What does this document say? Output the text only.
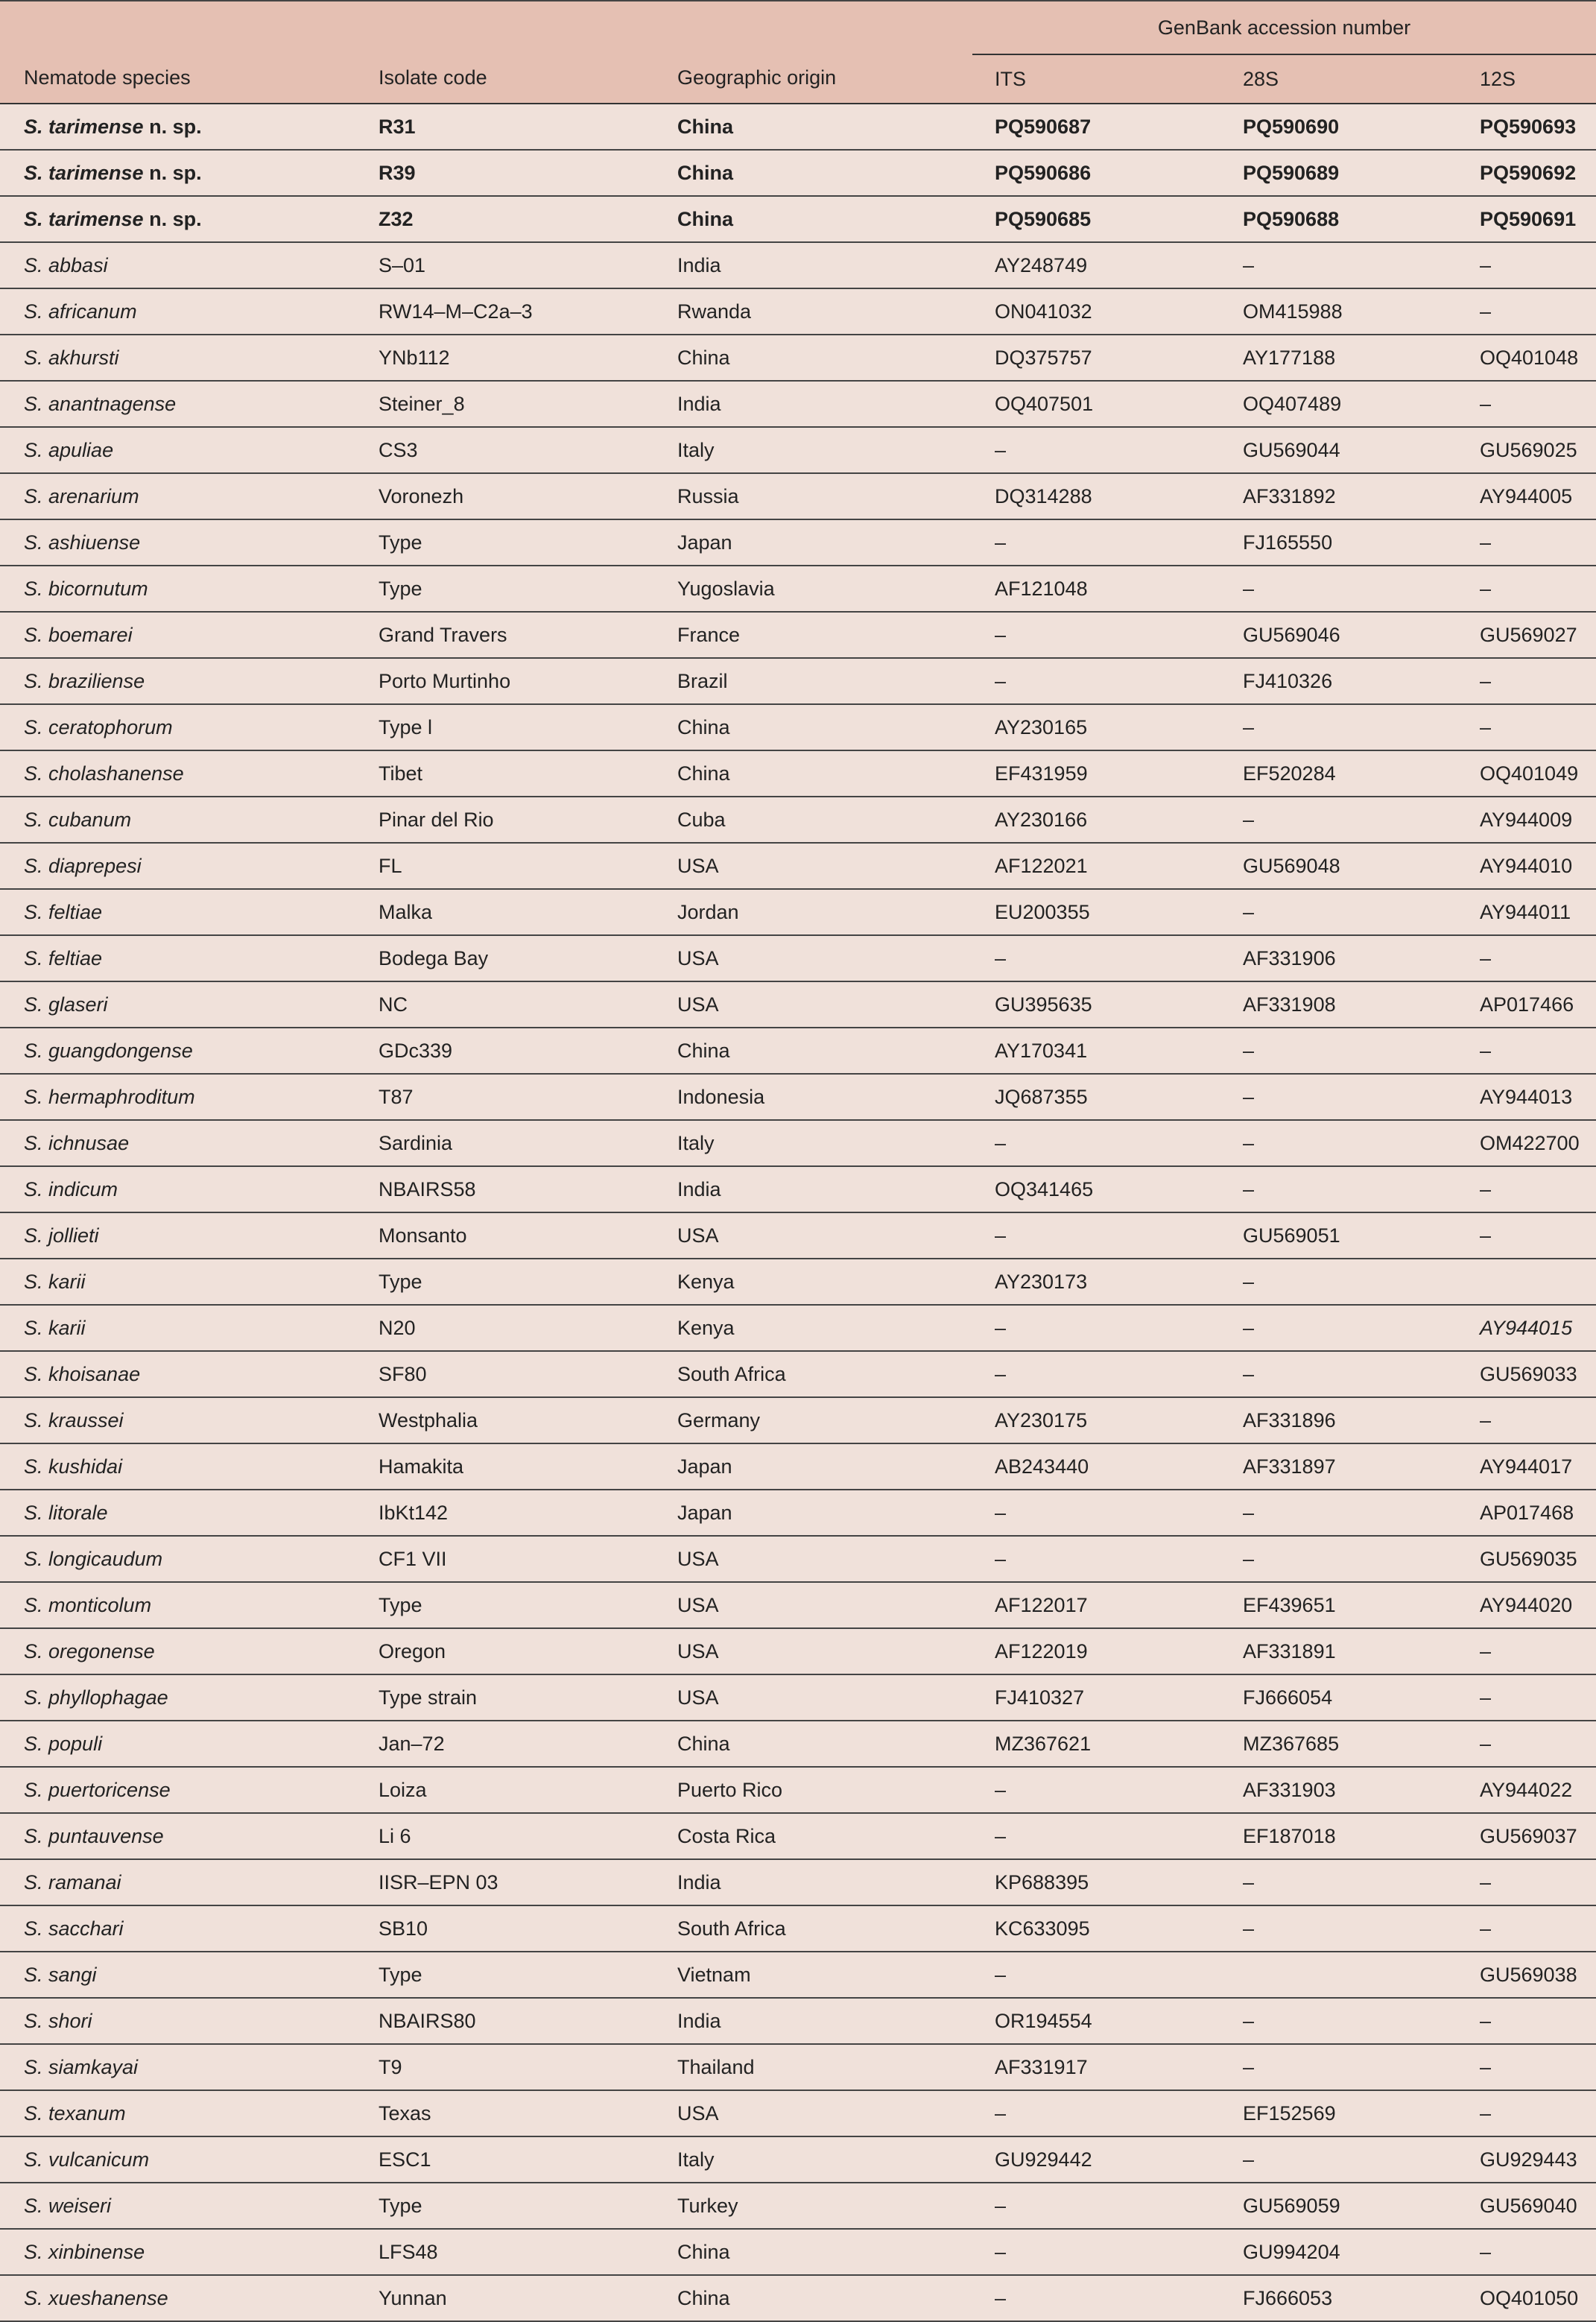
Nematode species	Isolate code	Geographic origin	GenBank accession number		
			ITS	28S	12S
S. tarimense n. sp.	R31	China	PQ590687	PQ590690	PQ590693
S. tarimense n. sp.	R39	China	PQ590686	PQ590689	PQ590692
S. tarimense n. sp.	Z32	China	PQ590685	PQ590688	PQ590691
S. abbasi	S–01	India	AY248749	–	–
S. africanum	RW14–M–C2a–3	Rwanda	ON041032	OM415988	–
S. akhursti	YNb112	China	DQ375757	AY177188	OQ401048
S. anantnagense	Steiner_8	India	OQ407501	OQ407489	–
S. apuliae	CS3	Italy	–	GU569044	GU569025
S. arenarium	Voronezh	Russia	DQ314288	AF331892	AY944005
S. ashiuense	Type	Japan	–	FJ165550	–
S. bicornutum	Type	Yugoslavia	AF121048	–	–
S. boemarei	Grand Travers	France	–	GU569046	GU569027
S. braziliense	Porto Murtinho	Brazil	–	FJ410326	–
S. ceratophorum	Type l	China	AY230165	–	–
S. cholashanense	Tibet	China	EF431959	EF520284	OQ401049
S. cubanum	Pinar del Rio	Cuba	AY230166	–	AY944009
S. diaprepesi	FL	USA	AF122021	GU569048	AY944010
S. feltiae	Malka	Jordan	EU200355	–	AY944011
S. feltiae	Bodega Bay	USA	–	AF331906	–
S. glaseri	NC	USA	GU395635	AF331908	AP017466
S. guangdongense	GDc339	China	AY170341	–	–
S. hermaphroditum	T87	Indonesia	JQ687355	–	AY944013
S. ichnusae	Sardinia	Italy	–	–	OM422700
S. indicum	NBAIRS58	India	OQ341465	–	–
S. jollieti	Monsanto	USA	–	GU569051	–
S. karii	Type	Kenya	AY230173	–	
S. karii	N20	Kenya	–	–	AY944015
S. khoisanae	SF80	South Africa	–	–	GU569033
S. kraussei	Westphalia	Germany	AY230175	AF331896	–
S. kushidai	Hamakita	Japan	AB243440	AF331897	AY944017
S. litorale	IbKt142	Japan	–	–	AP017468
S. longicaudum	CF1 VII	USA	–	–	GU569035
S. monticolum	Type	USA	AF122017	EF439651	AY944020
S. oregonense	Oregon	USA	AF122019	AF331891	–
S. phyllophagae	Type strain	USA	FJ410327	FJ666054	–
S. populi	Jan–72	China	MZ367621	MZ367685	–
S. puertoricense	Loiza	Puerto Rico	–	AF331903	AY944022
S. puntauvense	Li 6	Costa Rica	–	EF187018	GU569037
S. ramanai	IISR–EPN 03	India	KP688395	–	–
S. sacchari	SB10	South Africa	KC633095	–	–
S. sangi	Type	Vietnam	–		GU569038
S. shori	NBAIRS80	India	OR194554	–	–
S. siamkayai	T9	Thailand	AF331917	–	–
S. texanum	Texas	USA	–	EF152569	–
S. vulcanicum	ESC1	Italy	GU929442	–	GU929443
S. weiseri	Type	Turkey	–	GU569059	GU569040
S. xinbinense	LFS48	China	–	GU994204	–
S. xueshanense	Yunnan	China	–	FJ666053	OQ401050
